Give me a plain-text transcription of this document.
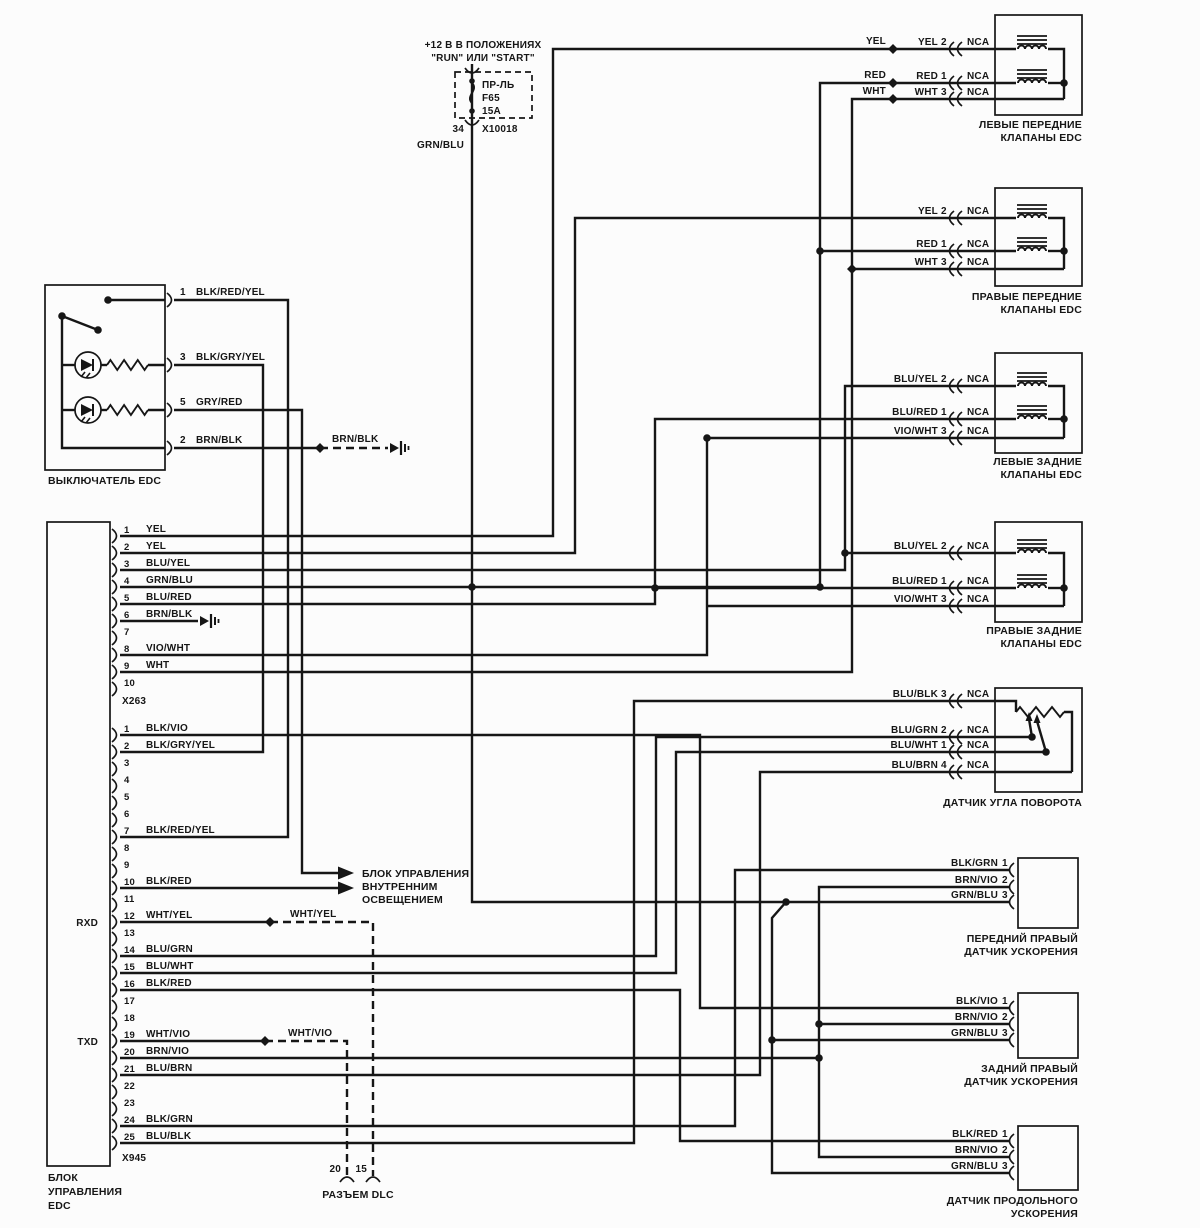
+12 В В ПОЛОЖЕНИЯХ
"RUN" ИЛИ "START"
ПР-ЛЬ
F65
15A
34 X10018
GRN/BLU
YEL 2 NCA
YEL
RED 1 NCA
RED
WHT 3 NCA
WHT
YEL 2 NCA
RED 1 NCA
WHT 3 NCA
BLU/YEL 2 NCA
BLU/RED 1 NCA
VIO/WHT 3 NCA
BLU/YEL 2 NCA
BLU/RED 1 NCA
VIO/WHT 3 NCA
ЛЕВЫЕ ПЕРЕДНИЕ
КЛАПАНЫ EDC
ПРАВЫЕ ПЕРЕДНИЕ
КЛАПАНЫ EDC
ЛЕВЫЕ ЗАДНИЕ
КЛАПАНЫ EDC
ПРАВЫЕ ЗАДНИЕ
КЛАПАНЫ EDC
BLU/BLK 3 NCA
BLU/GRN 2 NCA
BLU/WHT 1 NCA
BLU/BRN 4 NCA
ДАТЧИК УГЛА ПОВОРОТА
BLK/GRN 1
BRN/VIO 2
GRN/BLU 3
ПЕРЕДНИЙ ПРАВЫЙ
ДАТЧИК УСКОРЕНИЯ
BLK/VIO 1
BRN/VIO 2
GRN/BLU 3
ЗАДНИЙ ПРАВЫЙ
ДАТЧИК УСКОРЕНИЯ
BLK/RED 1
BRN/VIO 2
GRN/BLU 3
ДАТЧИК ПРОДОЛЬНОГО
УСКОРЕНИЯ
1 BLK/RED/YEL
3 BLK/GRY/YEL
5 GRY/RED
2 BRN/BLK
ВЫКЛЮЧАТЕЛЬ EDC
BRN/BLK
1 YEL
2 YEL
3 BLU/YEL
4 GRN/BLU
5 BLU/RED
6 BRN/BLK
7
8 VIO/WHT
9 WHT
10
X263
1 BLK/VIO
2 BLK/GRY/YEL
3
4
5
6
7 BLK/RED/YEL
8
9
10 BLK/RED
11
12 WHT/YEL
13
14 BLU/GRN
15 BLU/WHT
16 BLK/RED
17
18
19 WHT/VIO
20 BRN/VIO
21 BLU/BRN
22
23
24 BLK/GRN
25 BLU/BLK
X945
RXD
TXD
БЛОК
УПРАВЛЕНИЯ
EDC
БЛОК УПРАВЛЕНИЯ
ВНУТРЕННИМ
ОСВЕЩЕНИЕМ
20 15
РАЗЪЕМ DLC
WHT/VIO
WHT/YEL
